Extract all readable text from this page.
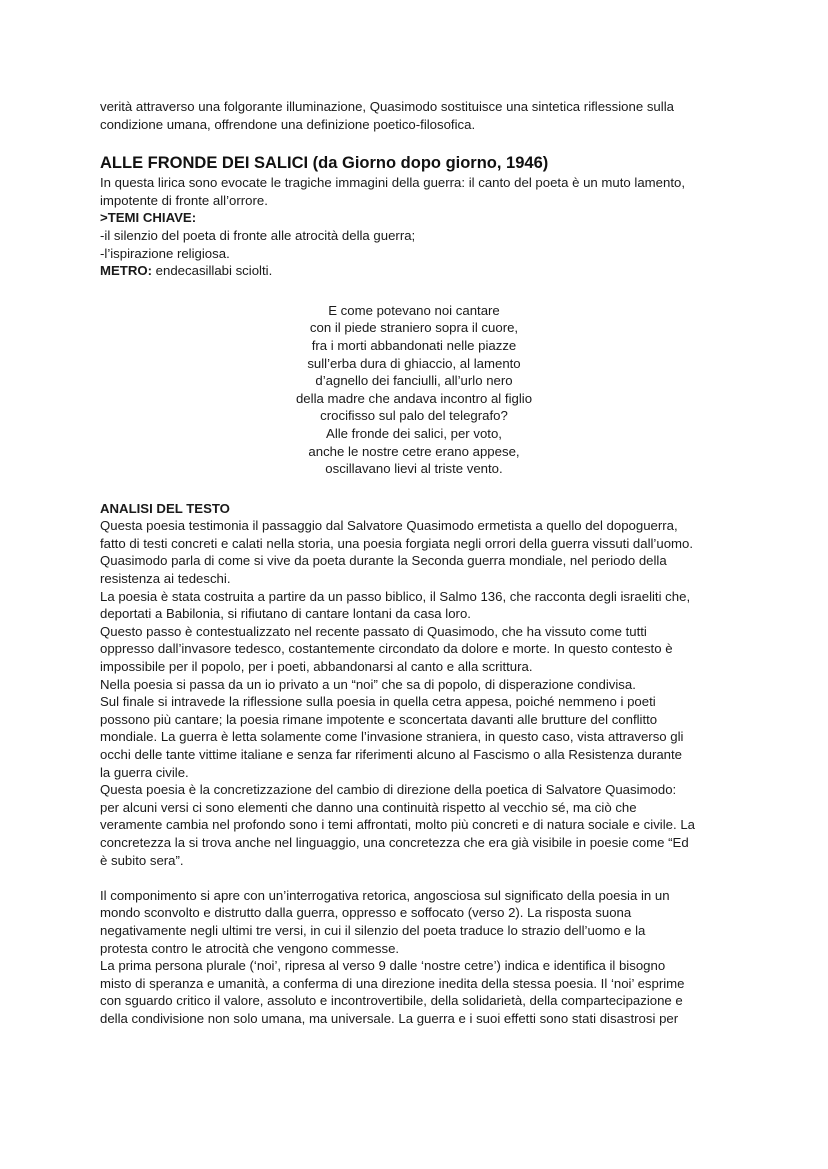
verità attraverso una folgorante illuminazione, Quasimodo sostituisce una sintetica riflessione sulla

condizione umana, offrendone una definizione poetico-filosofica.

ALLE FRONDE DEI SALICI (da Giorno dopo giorno, 1946)

In questa lirica sono evocate le tragiche immagini della guerra: il canto del poeta è un muto lamento,

impotente di fronte all’orrore.

>TEMI CHIAVE:

-il silenzio del poeta di fronte alle atrocità della guerra;

-l’ispirazione religiosa.

METRO: endecasillabi sciolti.

E come potevano noi cantare

con il piede straniero sopra il cuore,

fra i morti abbandonati nelle piazze

sull’erba dura di ghiaccio, al lamento

d’agnello dei fanciulli, all’urlo nero

della madre che andava incontro al figlio

crocifisso sul palo del telegrafo?

Alle fronde dei salici, per voto,

anche le nostre cetre erano appese,

oscillavano lievi al triste vento.

ANALISI DEL TESTO

Questa poesia testimonia il passaggio dal Salvatore Quasimodo ermetista a quello del dopoguerra,

fatto di testi concreti e calati nella storia, una poesia forgiata negli orrori della guerra vissuti dall’uomo.

Quasimodo parla di come si vive da poeta durante la Seconda guerra mondiale, nel periodo della

resistenza ai tedeschi.

La poesia è stata costruita a partire da un passo biblico, il Salmo 136, che racconta degli israeliti che,

deportati a Babilonia, si rifiutano di cantare lontani da casa loro.

Questo passo è contestualizzato nel recente passato di Quasimodo, che ha vissuto come tutti

oppresso dall’invasore tedesco, costantemente circondato da dolore e morte. In questo contesto è

impossibile per il popolo, per i poeti, abbandonarsi al canto e alla scrittura.

Nella poesia si passa da un io privato a un “noi” che sa di popolo, di disperazione condivisa.

Sul finale si intravede la riflessione sulla poesia in quella cetra appesa, poiché nemmeno i poeti

possono più cantare; la poesia rimane impotente e sconcertata davanti alle brutture del conflitto

mondiale. La guerra è letta solamente come l’invasione straniera, in questo caso, vista attraverso gli

occhi delle tante vittime italiane e senza far riferimenti alcuno al Fascismo o alla Resistenza durante

la guerra civile.

Questa poesia è la concretizzazione del cambio di direzione della poetica di Salvatore Quasimodo:

per alcuni versi ci sono elementi che danno una continuità rispetto al vecchio sé, ma ciò che

veramente cambia nel profondo sono i temi affrontati, molto più concreti e di natura sociale e civile. La

concretezza la si trova anche nel linguaggio, una concretezza che era già visibile in poesie come “Ed

è subito sera”.

Il componimento si apre con un’interrogativa retorica, angosciosa sul significato della poesia in un

mondo sconvolto e distrutto dalla guerra, oppresso e soffocato (verso 2). La risposta suona

negativamente negli ultimi tre versi, in cui il silenzio del poeta traduce lo strazio dell’uomo e la

protesta contro le atrocità che vengono commesse.

La prima persona plurale (‘noi’, ripresa al verso 9 dalle ‘nostre cetre’) indica e identifica il bisogno

misto di speranza e umanità, a conferma di una direzione inedita della stessa poesia. Il ‘noi’ esprime

con sguardo critico il valore, assoluto e incontrovertibile, della solidarietà, della compartecipazione e

della condivisione non solo umana, ma universale. La guerra e i suoi effetti sono stati disastrosi per
